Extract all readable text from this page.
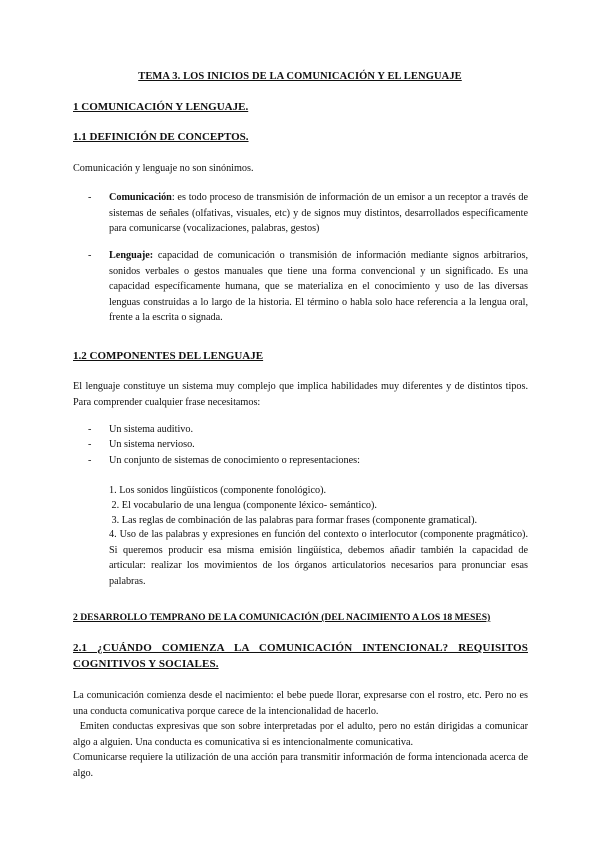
TEMA 3. LOS INICIOS DE LA COMUNICACIÓN Y EL LENGUAJE
1 COMUNICACIÓN Y LENGUAJE.
1.1 DEFINICIÓN DE CONCEPTOS.
Comunicación y lenguaje no son sinónimos.
- Comunicación: es todo proceso de transmisión de información de un emisor a un receptor a través de sistemas de señales (olfativas, visuales, etc) y de signos muy distintos, desarrollados específicamente para comunicarse (vocalizaciones, palabras, gestos)
- Lenguaje: capacidad de comunicación o transmisión de información mediante signos arbitrarios, sonidos verbales o gestos manuales que tiene una forma convencional y un significado. Es una capacidad específicamente humana, que se materializa en el conocimiento y uso de las diversas lenguas construidas a lo largo de la historia. El término o habla solo hace referencia a la lengua oral, frente a la escrita o signada.
1.2 COMPONENTES DEL LENGUAJE
El lenguaje constituye un sistema muy complejo que implica habilidades muy diferentes y de distintos tipos. Para comprender cualquier frase necesitamos:
- Un sistema auditivo.
- Un sistema nervioso.
- Un conjunto de sistemas de conocimiento o representaciones:
1. Los sonidos lingüísticos (componente fonológico).
2. El vocabulario de una lengua (componente léxico- semántico).
3. Las reglas de combinación de las palabras para formar frases (componente gramatical).
4. Uso de las palabras y expresiones en función del contexto o interlocutor (componente pragmático). Si queremos producir esa misma emisión lingüística, debemos añadir también la capacidad de articular: realizar los movimientos de los órganos articulatorios necesarios para pronunciar esas palabras.
2 DESARROLLO TEMPRANO DE LA COMUNICACIÓN (DEL NACIMIENTO A LOS 18 MESES)
2.1 ¿CUÁNDO COMIENZA LA COMUNICACIÓN INTENCIONAL? REQUISITOS COGNITIVOS Y SOCIALES.
La comunicación comienza desde el nacimiento: el bebe puede llorar, expresarse con el rostro, etc. Pero no es una conducta comunicativa porque carece de la intencionalidad de hacerlo.
Emiten conductas expresivas que son sobre interpretadas por el adulto, pero no están dirigidas a comunicar algo a alguien. Una conducta es comunicativa si es intencionalmente comunicativa.
Comunicarse requiere la utilización de una acción para transmitir información de forma intencionada acerca de algo.
